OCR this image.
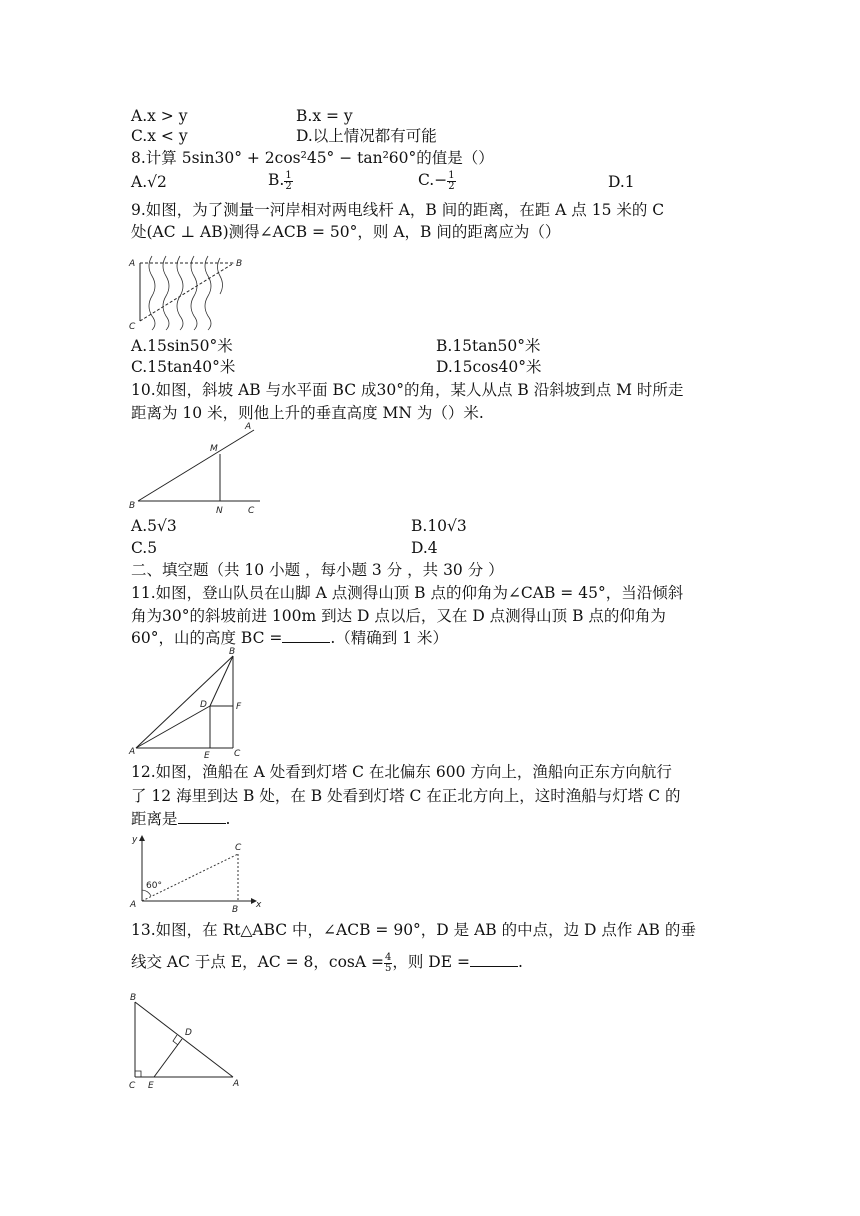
A.x > y	B.x = y
C.x < y	D.以上情况都有可能
8.计算 5sin30° + 2cos²45° − tan²60°的值是（）
A.√2	B. $\frac{1}{2}$	$C.- \frac{1}{2}$	D.1
9.如图，为了测量一河岸相对两电线杆 A，B 间的距离，在距 A 点 15 米的 C
处(AC ⊥ AB)测得∠ACB = 50°，则 A，B 间的距离应为（）
A	B
C
A.15sin50°米	B.15tan50°米
C.15tan40°米	D.15cos40°米
10.如图，斜坡 AB 与水平面 BC 成30°的角，某人从点 B 沿斜坡到点 M 时所走
距离为 10 米，则他上升的垂直高度 MN 为（）米.
A
M
B	N	C
A.5√3	B.10√3
C.5	D.4
二、填空题（共 10 小题 ，每小题 3 分 ，共 30 分 ）
11.如图，登山队员在山脚 A 点测得山顶 B 点的仰角为∠CAB = 45°，当沿倾斜
角为30°的斜坡前进 100m 到达 D 点以后，又在 D 点测得山顶 B 点的仰角为
60°，山的高度 BC =	.（精确到 1 米）
B
D	F
A	E	C
12.如图，渔船在 A 处看到灯塔 C 在北偏东 600 方向上，渔船向正东方向航行
了 12 海里到达 B 处，在 B 处看到灯塔 C 在正北方向上，这时渔船与灯塔 C 的
距离是	.
y
C
60°
A	B x
13.如图，在 Rt△ABC 中，∠ACB = 90°，D 是 AB 的中点，边 D 点作 AB 的垂
线交 AC 于点 E，AC = 8，$\cos A = \frac{4}{5}$ ，则 DE =	.
B
D
C E	A
